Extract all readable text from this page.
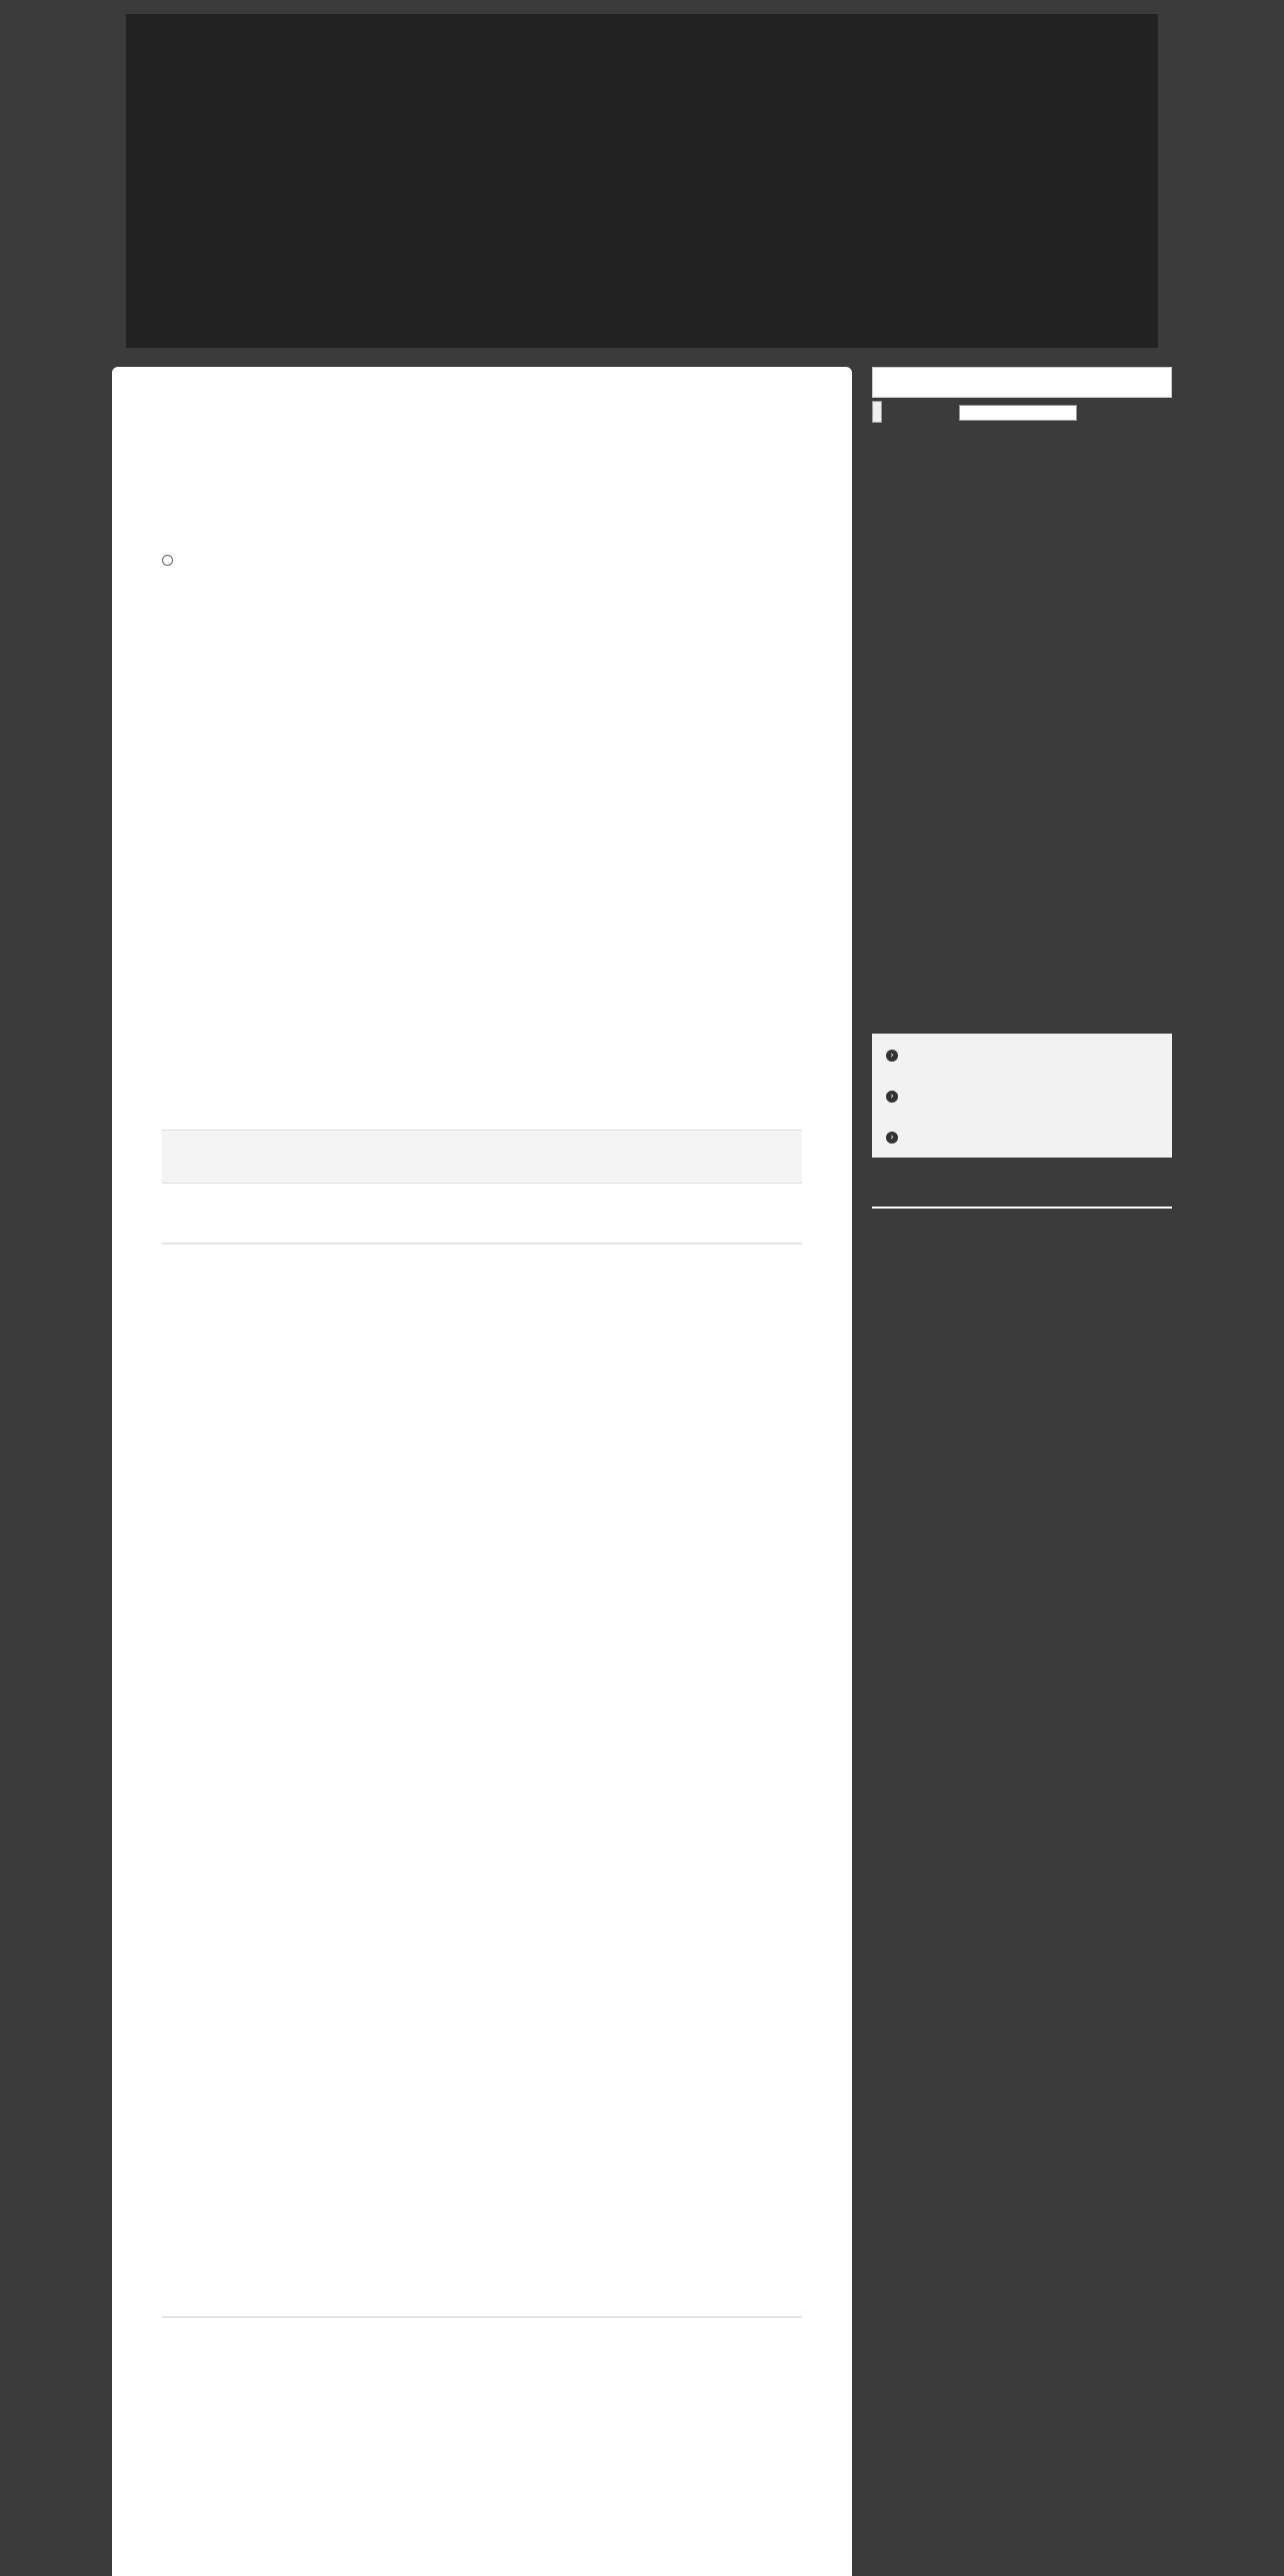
›
›
›
